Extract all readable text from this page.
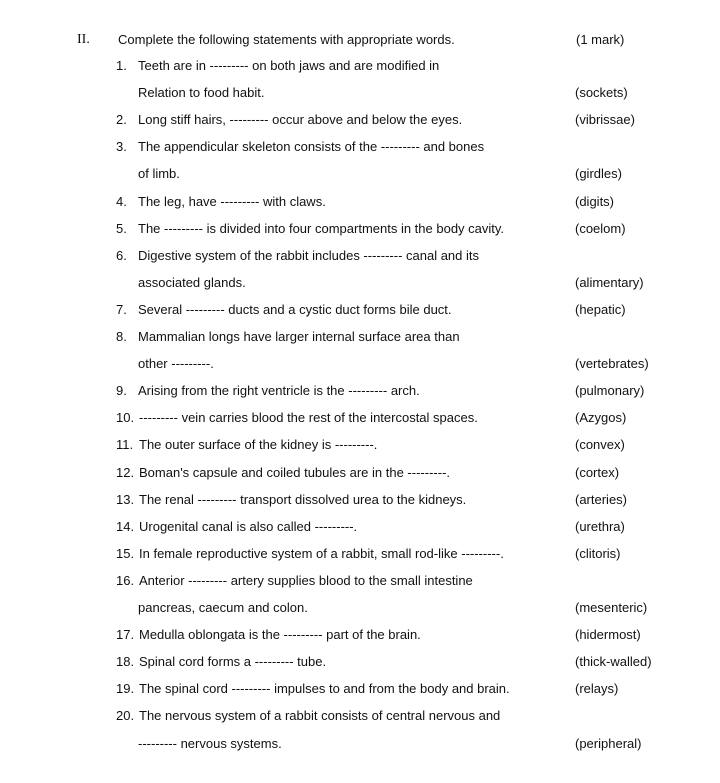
II. Complete the following statements with appropriate words.	(1 mark)
1. Teeth are in --------- on both jaws and are modified in
Relation to food habit.	(sockets)
2. Long stiff hairs, --------- occur above and below the eyes.	(vibrissae)
3. The appendicular skeleton consists of the --------- and bones
of limb.	(girdles)
4. The leg, have --------- with claws.	(digits)
5. The --------- is divided into four compartments in the body cavity.	(coelom)
6. Digestive system of the rabbit includes --------- canal and its
associated glands.	(alimentary)
7. Several --------- ducts and a cystic duct forms bile duct.	(hepatic)
8. Mammalian longs have larger internal surface area than
other ---------.	(vertebrates)
9. Arising from the right ventricle is the --------- arch.	(pulmonary)
10. --------- vein carries blood the rest of the intercostal spaces.	(Azygos)
11. The outer surface of the kidney is ---------.	(convex)
12. Boman's capsule and coiled tubules are in the ---------.	(cortex)
13. The renal --------- transport dissolved urea to the kidneys.	(arteries)
14. Urogenital canal is also called ---------.	(urethra)
15. In female reproductive system of a rabbit, small rod-like ---------.	(clitoris)
16. Anterior --------- artery supplies blood to the small intestine
pancreas, caecum and colon.	(mesenteric)
17. Medulla oblongata is the --------- part of the brain.	(hidermost)
18. Spinal cord forms a --------- tube.	(thick-walled)
19. The spinal cord --------- impulses to and from the body and brain.	(relays)
20. The nervous system of a rabbit consists of central nervous and
--------- nervous systems.	(peripheral)
